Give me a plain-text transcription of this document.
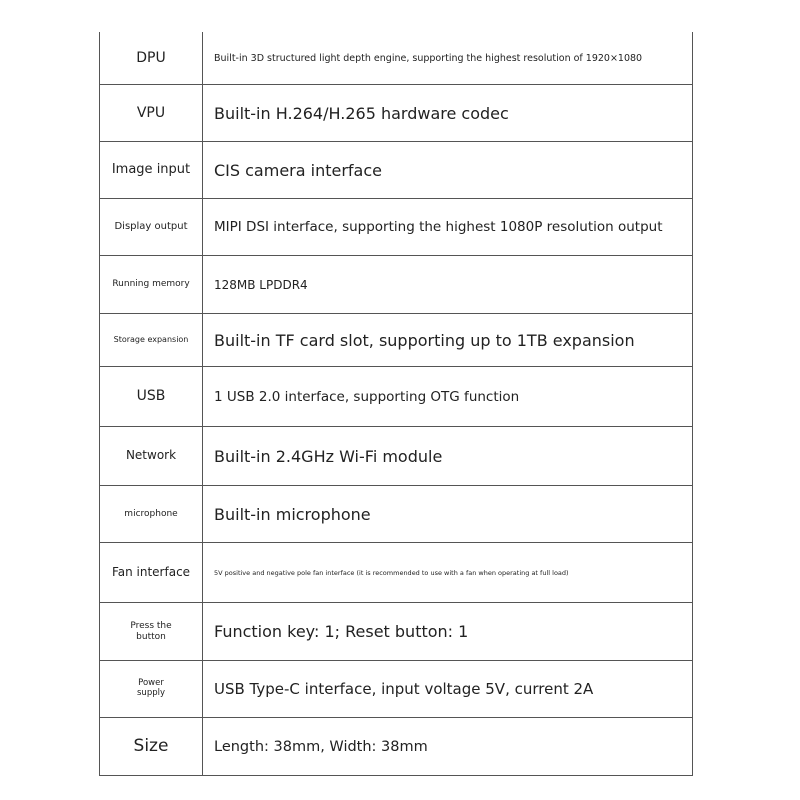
DPU	Built-in 3D structured light depth engine, supporting the highest resolution of 1920×1080
VPU	Built-in H.264/H.265 hardware codec
Image input	CIS camera interface
Display output	MIPI DSI interface, supporting the highest 1080P resolution output
Running memory	128MB LPDDR4
Storage expansion	Built-in TF card slot, supporting up to 1TB expansion
USB	1 USB 2.0 interface, supporting OTG function
Network	Built-in 2.4GHz Wi-Fi module
microphone	Built-in microphone
Fan interface	5V positive and negative pole fan interface (it is recommended to use with a fan when operating at full load)
Press the button	Function key: 1; Reset button: 1
Power supply	USB Type-C interface, input voltage 5V, current 2A
Size	Length: 38mm, Width: 38mm
